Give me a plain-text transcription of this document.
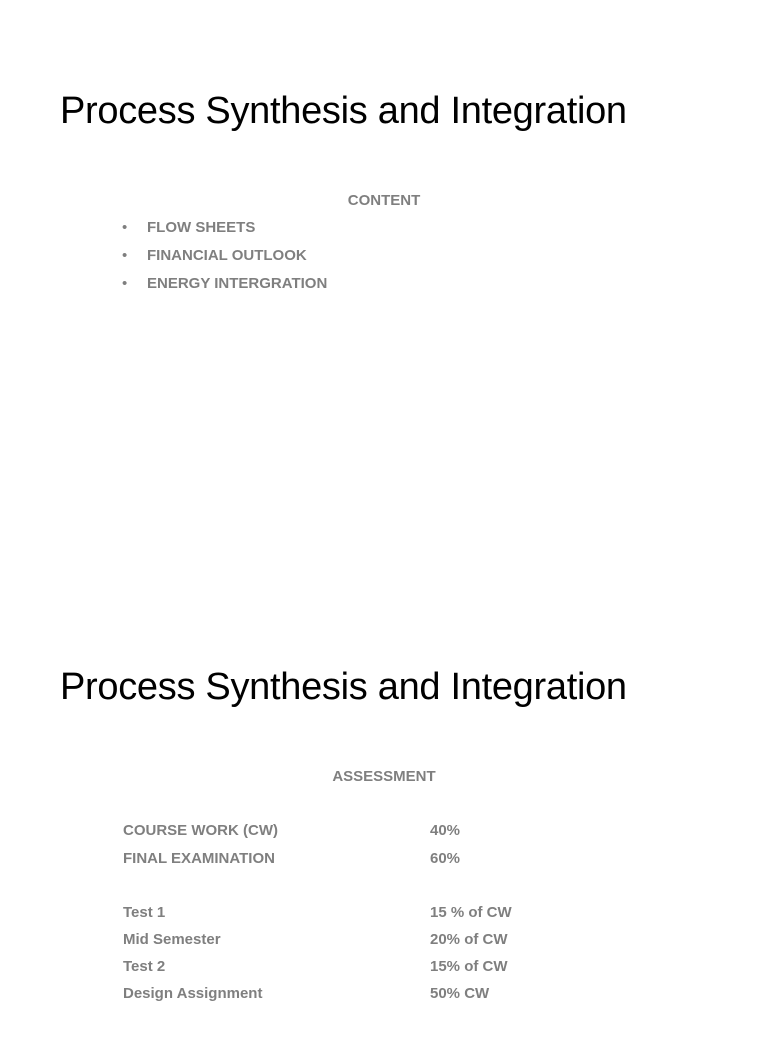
Process Synthesis and Integration
CONTENT
• FLOW SHEETS
• FINANCIAL OUTLOOK
• ENERGY INTERGRATION
Process Synthesis and Integration
ASSESSMENT
COURSE WORK (CW)	40%
FINAL EXAMINATION	60%
Test 1	15 % of CW
Mid Semester	20% of CW
Test 2	15% of CW
Design Assignment	50% CW
